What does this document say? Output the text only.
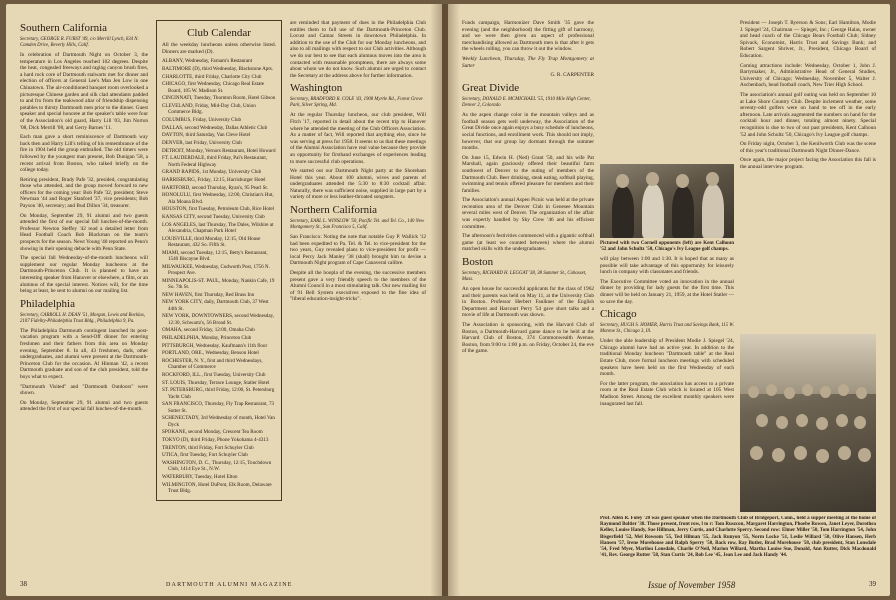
Southern California
Secretary, GEORGE R. FURST '49, c/o Merrill Lynch, 634 N. Camden Drive, Beverly Hills, Calif.

In celebration of Dartmouth Night on October 3, the temperature in Los Angeles reached 102 degrees. Despite the heat, congealed freeways and raging canyon brush fires, a hard rock core of Dartmouth stalwarts met for dinner and election of officers at General Lee's Man Jen Low in one Chinatown. The air-conditioned banquet room overlooked a picturesque Chinese garden and silk clad attendants padded to and fro from the teakwood altar of friendship dispensing potables to thirsty Dartmouth men prior to the dinner. Guest speaker and special honoree at the speaker's table were four of the Association's old guard, Harry Lill '03, Jim Norton '08, Dick Merrill '08, and Gerry Barnes '11.

Each man gave a short reminiscence of Dartmouth way back then and Harry Lill's telling of his remembrance of the fire in 1904 held the group enthralled. The old timers were followed by the youngest man present, Bob Dunigan '58, a recent arrival from Boston, who talked briefly on the college today.

Retiring president, Brady Pafe '32, presided, congratulating those who attended, and the group moved forward to new officers for the coming year: Bob Pafe '32, president; Steve Newman '44 and Roger Stanford '37, vice presidents; Bob Payson '40, secretary; and Bud Dillon '34, treasurer.

On Monday, September 29, 91 alumni and two guests attended the first of our special fall lunches-of-the-month. Professor Newton Steffey '42 read a detailed letter from Head Football Coach Bob Blackman on the team's prospects for the season. Newt Young '40 reported on Penn's showing in their opening debacle with Penn State.

The special fall Wednesday-of-the-month luncheons will supplement our regular Monday luncheons at the Dartmouth-Princeton Club. It is planned to have an interesting speaker from Hanover or elsewhere, a film, or an alumnus of the special interest. Notices will, for the time being at least, be sent to alumni on our mailing list.

Philadelphia
Secretary, CARROLL H. DEAN '51, Morgan, Lewis and Bockius, 2107 Fidelity-Philadelphia Trust Bldg., Philadelphia 9, Pa.

The Philadelphia Dartmouth contingent launched its post-vacation program with a Send-Off dinner for entering freshmen and their fathers from this area on Monday evening, September 8. In all, 43 freshmen, dads, other undergraduates, and alumni were present at the Dartmouth-Princeton Club for the occasion. Al Hinman '42, a recent Dartmouth graduate and son of the club president, told the boys what to expect.

"Dartmouth Visited" and "Dartmouth Outdoors" were shown.

On Monday, September 29, 91 alumni and two guests attended the first of our special fall lunches-of-the-month.

Club Calendar

All the weekday luncheons unless otherwise listed. Dinners are marked (D).

ALBANY, Wednesday, Farnam's Restaurant
BALTIMORE (D), third Wednesday, Blackstone Apts.
CHARLOTTE, third Friday, Charlotte City Club
CHICAGO, first Wednesday, Chicago Real Estate Board, 105 W. Madison St.
CINCINNATI, Tuesday, Thornton Room, Hotel Gibson
CLEVELAND, Friday, Mid-Day Club, Union Commerce Bldg.
COLUMBUS, Friday, University Club
DALLAS, second Wednesday, Dallas Athletic Club
DAYTON, third Saturday, Van Cleve Hotel
DENVER, last Friday, University Club
DETROIT, Monday, Vernors Restaurant, Hotel Howard
FT. LAUDERDALE, third Friday, Pal's Restaurant, North Federal Highway
GRAND RAPIDS, 1st Monday, University Club
HARRISBURG, Friday, 12:15, Harrisburger Hotel
HARTFORD, second Thursday, Ryan's, 95 Pearl St.
HONOLULU, first Wednesday, 12:00, Christian's Hut, Ala Moana Blvd.
HOUSTON, first Tuesday, Petroleum Club, Rice Hotel
KANSAS CITY, second Tuesday, University Club
LOS ANGELES, last Thursday, The Dales, Wilshire at Alexandria, Chapman Park Hotel
LOUISVILLE, third Monday, 12:15, Old House Restaurant, 432 So. Fifth St.
MIAMI, second Tuesday, 12:15, Betty's Restaurant, 1540 Biscayne Blvd.
MILWAUKEE, Wednesday, Cudworth Post, 1756 N. Prospect Ave.
MINNEAPOLIS-ST. PAUL, Monday, Nankin Cafe, 19 So. 7th St.
NEW HAVEN, first Thursday, Red Brass Inn
NEW YORK CITY, daily, Dartmouth Club, 37 West 44th St.
NEW YORK, DOWNTOWNERS, second Wednesday, 12:30, Schwartz's, 56 Broad St.
OMAHA, second Friday, 12:00, Omaha Club
PHILADELPHIA, Monday, Princeton Club
PITTSBURGH, Wednesday, Kaufmann's 11th floor
PORTLAND, ORE., Wednesday, Benson Hotel
ROCHESTER, N. Y., first and third Wednesdays, Chamber of Commerce
ROCKFORD, ILL., first Tuesday, University Club
ST. LOUIS, Thursday, Terrace Lounge, Statler Hotel
ST. PETERSBURG, third Friday, 12:00, St. Petersburg Yacht Club
SAN FRANCISCO, Thursday, Fly Trap Restaurant, 73 Sutter St.
SCHENECTADY, 3rd Wednesday of month, Hotel Van Dyck
SPOKANE, second Monday, Crescent Tea Room
TOKYO (D), third Friday, Phone Yokohama 4-4313
TRENTON, third Friday, Fort Schuyler Club
UTICA, first Tuesday, Fort Schuyler Club
WASHINGTON, D. C., Thursday, 12:15, Touchdown Club, 1414 Eye St., N.W.
WATERBURY, Tuesday, Hotel Elton
WILMINGTON, Hotel DuPont, Elk Room, Delaware Trust Bldg.

are reminded that payment of dues in the Philadelphia Club entitles them to full use of the Dartmouth-Princeton Club. Locust and Camac Streets in downtown Philadelphia. In addition to the use of the Club for our Monday luncheons, and also to all mailings with respect to our Club activities. Although we do our best to see that each alumnus moves into the area is contacted with reasonable promptness, there are always some about whom we do not know. Such alumni are urged to contact the Secretary at the address above for further information.

Washington
Secretary, BRADFORD R. COLE '43, 1908 Myrtle Rd., Forest Grove Park, Silver Spring, Md.

At the regular Thursday luncheon, our club president, Will Fitch '17, reported in detail about the recent trip to Hanover where he attended the meeting of the Club Officers Association. As a matter of fact, Will reported that anything else, since he was serving at press for 1958. It seems to us that these meetings of the Alumni Association have real value because they provide an opportunity for firsthand exchanges of experiences leading to more successful club operations.

We started out our Dartmouth Night party at the Shoreham Hotel this year. About 100 alumni, wives and parents of undergraduates attended the 5:30 to 8:30 cocktail affair. Naturally, there was sufficient noise, supplied in large part by a variety of more or less leather-throated songsters.

Northern California
Secretary, EARL L. WINSLOW '50, Pacific Tel. and Tel. Co., 140 New Montgomery St., San Francisco 5, Calif.

San Francisco: Noting the note that notable Guy P. Wallick '12 had been expedited to Pa. Tel. & Tel. to vice-president for the two years, Guy revealed plans to vice-president for profit — local Percy Jack Manley '38 (shall) brought him to devise a Dartmouth Night program of Cape Canaveral calibre.

Despite all the hoopla of the evening, the successive members present gave a very friendly speech to the members of the Alumni Council in a most stimulating talk. Our new mailing list of 91 Bell System executives exposed to the fine idea of "liberal education-insight-tricks".

38	DARTMOUTH ALUMNI MAGAZINE

Funds campaign, Harmonizer Dave Smith '35 gave the evening (and the neighborhood) the fitting gift of harmony, and we were then given an aspect of professional merchandising allowed as Dartmouth men is that after it gets the wheels rolling, you can throw it out the window.

Weekly Luncheon, Thursday, The Fly Trap Montgomery at Sutter

G. R. CARPENTER
Great Divide
Secretary, DONALD E. MCMICHAEL '55, 1910 Mile High Center, Denver 2, Colorado

As the aspen change color in the mountain valleys and as football season gets well underway, the Association of the Great Divide once again enjoys a busy schedule of luncheons, social functions, and enrollment work. This should not imply, however, that our group lay dormant through the summer months.

On June 15, Edwin H. (Ned) Grant '50, and his wife Pat Marshall, again graciously offered their beautiful farm southwest of Denver to the outing of members of the Dartmouth Club. Beer drinking, steak eating, softball playing, swimming and tennis offered pleasure for members and their families.

The Association's annual Aspen Picnic was held at the private recreation area of the Denver Club in Genesee Mountain several miles west of Denver. The organization of the affair was expertly handled by Sky Crew '46 and his efficient committee.

The afternoon's festivities commenced with a gigantic softball game (at least we counted between) where the alumni matched skills with the undergraduates.

Boston
Secretary, RICHARD H. LEGGAT '38, 38 Summer St., Cohasset, Mass.

An open house for successful applicants for the class of 1962 and their parents was held on May 11, at the University Club in Boston. Professor Herbert Faulkner of the English Department and Harcourt Perry '54 gave short talks and a movie of life at Dartmouth was shown.

The Association is sponsoring, with the Harvard Club of Boston, a Dartmouth-Harvard game dance to be held at the Harvard Club of Boston, 374 Commonwealth Avenue, Boston, from 9:00 to 1:00 p.m. on Friday, October 24, the eve of the game.

Pictured with two Cornell opponents (left) are Kent Calhoun '52 and John Schultz '50, Chicago's Ivy League golf champs.

will play between 1:00 and 1:30. It is hoped that as many as possible will take advantage of this opportunity for leisurely lunch in company with classmates and friends.

The Executive Committee voted an innovation in the annual dinner by providing for lady guests for the first time. This dinner will be held on January 21, 1959, at the Hotel Statler — so save the day.

Chicago
Secretary, HUGH S. HOMER, Harris Trust and Savings Bank, 115 W. Monroe St., Chicago 3, Ill.

Under the able leadership of President Modie J. Spiegel '24, Chicago alumni have had an active year. In addition to the traditional Monday luncheon "Dartmouth table" at the Real Estate Club, more formal luncheon meetings with scheduled speakers have been held on the first Wednesday of each month.

For the latter program, the association has access to a private room at the Real Estate Club which is located at 105 West Madison Street. Among the excellent monthly speakers were inaugurated last fall.

President — Joseph T. Ryerson & Sons; Earl Hamilton, Modie J. Spiegel '24, Chairman — Spiegel, Inc.; George Halas, owner and head coach of the Chicago Bears Football Club; Sidney Spivack, Economist, Harris Trust and Savings Bank; and Robert Sargent Shriver, Jr., President, Chicago Board of Education.

Coming attractions include: Wednesday, October 1, John J. Barrymaker, Jr., Administrative Head of General Studies, University of Chicago; Wednesday, November 5, Walter J. Aschenbach, head football coach, New Trier High School.

The association's annual golf outing was held on September 10 at Lake Shore Country Club. Despite inclement weather, some seventy-odd golfers were on hand to tee off in the early afternoon. Late arrivals augmented the numbers on hand for the cocktail hour and dinner, totaling almost ninety. Special recognition is due to two of our past presidents, Kent Calhoun '52 and John Schultz '50, Chicago's Ivy League golf champs.

On Friday night, October 3, the Kenilworth Club was the scene of this year's traditional Dartmouth Night Dinner-Dance.

Once again, the major project facing the Association this fall is the annual interview program.

Prof. Allen R. Foley '20 was guest speaker when the Dartmouth Club of Bridgeport, Conn., held a supper meeting at the home of Raymond Boltier '38. Those present, front row, l to r: Tom Ruszcon, Margaret Harrington, Phoebe Rowen, Janet Leyer, Dorothea Keller, Louise Handy, Sue Hillman, Jerry Curtis, and Charlotte Sperry. Second row: Elmer Miller '50, Tom Harrington '54, John Bisgerfield '52, Mel Rowsom '55, Ted Hilman '55, Jack Runyon '55, Norm Locke '51, Leslie Willard '50, Olive Hansen, Herb Hansen '57, Irene Morehouse and Ralph Sperry '50, Back row, Ray Butler, Brad Morehouse '58, club president, Stan Lonsdale '54, Fred Myer, Marilou Lonsdale, Charlie O'Neil, Marion Willard, Martha Louise Sue, Donald, Ann Rutter, Dick Macdonald '41, Rev. George Rutter '58, Stan Curtis '24, Bob Lee '45, Jean Lee and Jack Handy '44.
Issue of November 1958	39
